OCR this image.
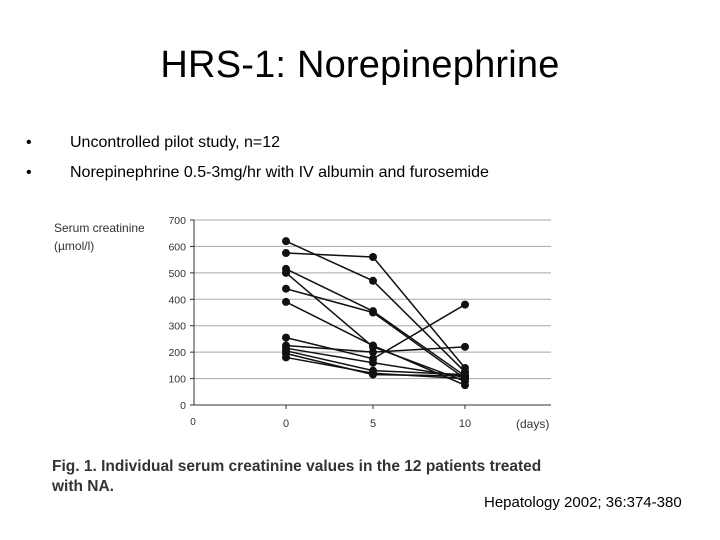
HRS-1: Norepinephrine
• Uncontrolled pilot study, n=12
• Norepinephrine 0.5-3mg/hr with IV albumin and furosemide
0
100
200
300
400
500
600
700
0	5	10
0
Serum creatinine
(µmol/l)
(days)
Fig. 1. Individual serum creatinine values in the 12 patients treated
with NA.
Hepatology 2002; 36:374-380
